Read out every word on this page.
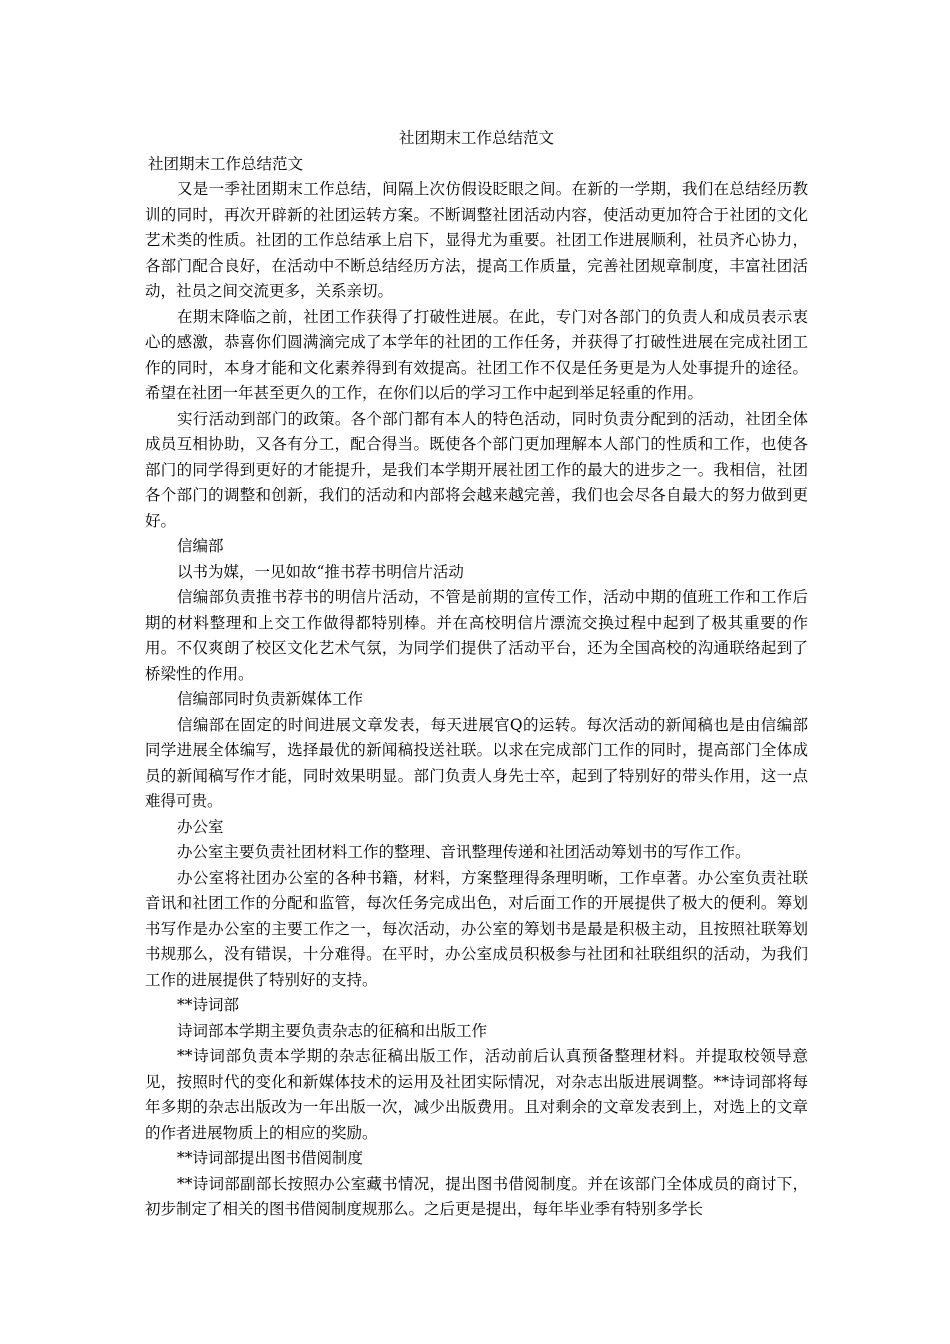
社团期末工作总结范文
社团期末工作总结范文

又是一季社团期末工作总结，间隔上次仿假设眨眼之间。在新的一学期，我们在总结经历教训的同时，再次开辟新的社团运转方案。不断调整社团活动内容，使活动更加符合于社团的文化艺术类的性质。社团的工作总结承上启下，显得尤为重要。社团工作进展顺利，社员齐心协力，各部门配合良好，在活动中不断总结经历方法，提高工作质量，完善社团规章制度，丰富社团活动，社员之间交流更多，关系亲切。

在期末降临之前，社团工作获得了打破性进展。在此，专门对各部门的负责人和成员表示衷心的感激，恭喜你们圆满滴完成了本学年的社团的工作任务，并获得了打破性进展在完成社团工作的同时，本身才能和文化素养得到有效提高。社团工作不仅是任务更是为人处事提升的途径。希望在社团一年甚至更久的工作，在你们以后的学习工作中起到举足轻重的作用。

实行活动到部门的政策。各个部门都有本人的特色活动，同时负责分配到的活动，社团全体成员互相协助，又各有分工，配合得当。既使各个部门更加理解本人部门的性质和工作，也使各部门的同学得到更好的才能提升，是我们本学期开展社团工作的最大的进步之一。我相信，社团各个部门的调整和创新，我们的活动和内部将会越来越完善，我们也会尽各自最大的努力做到更好。

信编部

以书为媒，一见如故“推书荐书明信片活动

信编部负责推书荐书的明信片活动，不管是前期的宣传工作，活动中期的值班工作和工作后期的材料整理和上交工作做得都特别棒。并在高校明信片漂流交换过程中起到了极其重要的作用。不仅爽朗了校区文化艺术气氛，为同学们提供了活动平台，还为全国高校的沟通联络起到了桥梁性的作用。

信编部同时负责新媒体工作

信编部在固定的时间进展文章发表，每天进展官Q的运转。每次活动的新闻稿也是由信编部同学进展全体编写，选择最优的新闻稿投送社联。以求在完成部门工作的同时，提高部门全体成员的新闻稿写作才能，同时效果明显。部门负责人身先士卒，起到了特别好的带头作用，这一点难得可贵。

办公室

办公室主要负责社团材料工作的整理、音讯整理传递和社团活动筹划书的写作工作。

办公室将社团办公室的各种书籍，材料，方案整理得条理明晰，工作卓著。办公室负责社联音讯和社团工作的分配和监管，每次任务完成出色，对后面工作的开展提供了极大的便利。筹划书写作是办公室的主要工作之一，每次活动，办公室的筹划书是最是积极主动，且按照社联筹划书规那么，没有错误，十分难得。在平时，办公室成员积极参与社团和社联组织的活动，为我们工作的进展提供了特别好的支持。

**诗词部

诗词部本学期主要负责杂志的征稿和出版工作

**诗词部负责本学期的杂志征稿出版工作，活动前后认真预备整理材料。并提取校领导意见，按照时代的变化和新媒体技术的运用及社团实际情况，对杂志出版进展调整。**诗词部将每年多期的杂志出版改为一年出版一次，减少出版费用。且对剩余的文章发表到上，对选上的文章的作者进展物质上的相应的奖励。

**诗词部提出图书借阅制度

**诗词部副部长按照办公室藏书情况，提出图书借阅制度。并在该部门全体成员的商讨下，初步制定了相关的图书借阅制度规那么。之后更是提出，每年毕业季有特别多学长
